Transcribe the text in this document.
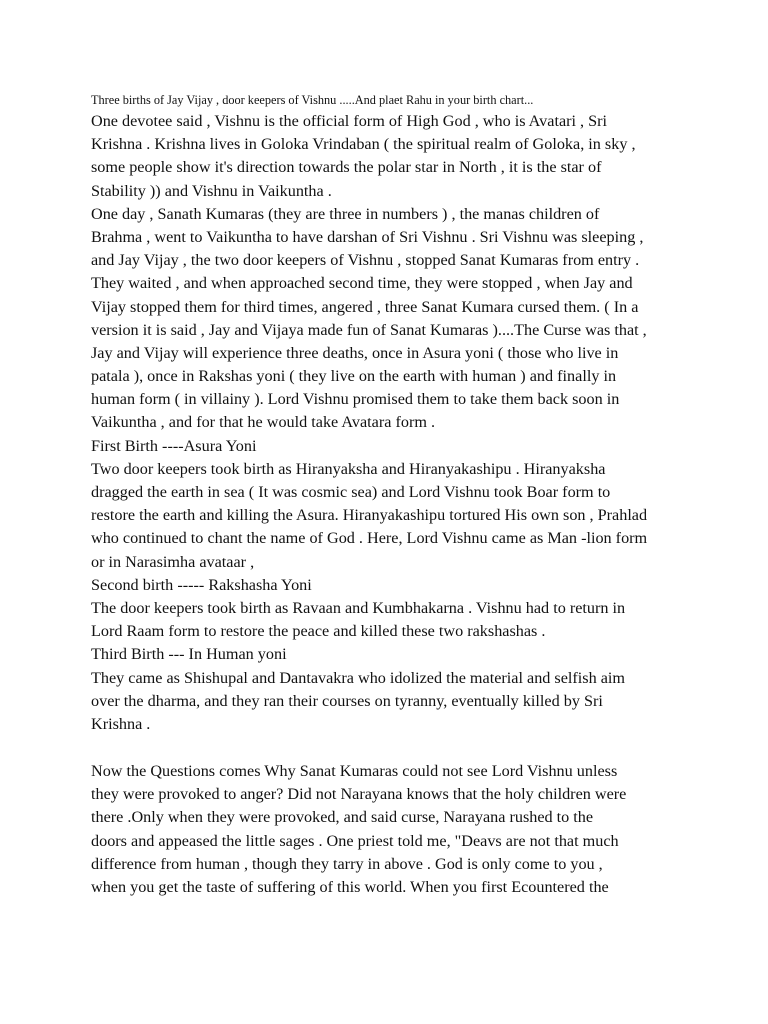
Three births of Jay Vijay , door keepers of Vishnu .....And plaet Rahu in your birth chart...
One devotee said , Vishnu is the official form of High God , who is Avatari , Sri
Krishna . Krishna lives in Goloka Vrindaban ( the spiritual realm of Goloka, in sky ,
some people show it's direction towards the polar star in North , it is the star of
Stability )) and Vishnu in Vaikuntha .
One day , Sanath Kumaras (they are three in numbers ) , the manas children of
Brahma , went to Vaikuntha to have darshan of Sri Vishnu . Sri Vishnu was sleeping ,
and Jay Vijay , the two door keepers of Vishnu , stopped Sanat Kumaras from entry .
They waited , and when approached second time, they were stopped , when Jay and
Vijay stopped them for third times, angered , three Sanat Kumara cursed them. ( In a
version it is said , Jay and Vijaya made fun of Sanat Kumaras )....The Curse was that ,
Jay and Vijay will experience three deaths, once in Asura yoni ( those who live in
patala ), once in Rakshas yoni ( they live on the earth with human ) and finally in
human form ( in villainy ). Lord Vishnu promised them to take them back soon in
Vaikuntha , and for that he would take Avatara form .
First Birth ----Asura Yoni
Two door keepers took birth as Hiranyaksha and Hiranyakashipu . Hiranyaksha
dragged the earth in sea ( It was cosmic sea) and Lord Vishnu took Boar form to
restore the earth and killing the Asura. Hiranyakashipu tortured His own son , Prahlad
who continued to chant the name of God . Here, Lord Vishnu came as Man -lion form
or in Narasimha avataar ,
Second birth ----- Rakshasha Yoni
The door keepers took birth as Ravaan and Kumbhakarna . Vishnu had to return in
Lord Raam form to restore the peace and killed these two rakshashas .
Third Birth --- In Human yoni
They came as Shishupal and Dantavakra who idolized the material and selfish aim
over the dharma, and they ran their courses on tyranny, eventually killed by Sri
Krishna .
Now the Questions comes Why Sanat Kumaras could not see Lord Vishnu unless
they were provoked to anger? Did not Narayana knows that the holy children were
there .Only when they were provoked, and said curse, Narayana rushed to the
doors and appeased the little sages . One priest told me, "Deavs are not that much
difference from human , though they tarry in above . God is only come to you ,
when you get the taste of suffering of this world. When you first Ecountered the
